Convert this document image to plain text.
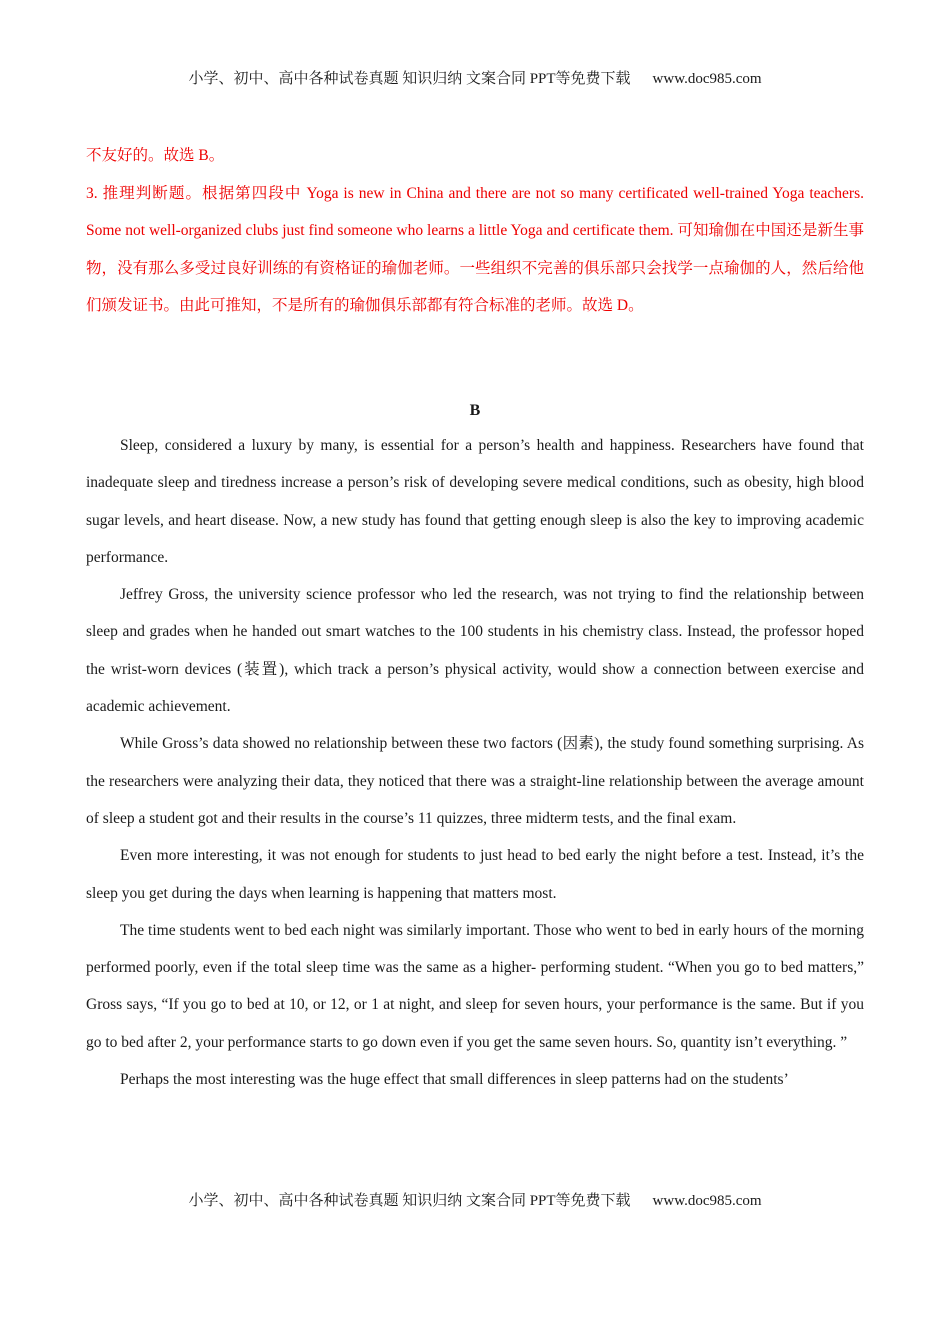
小学、初中、高中各种试卷真题 知识归纳 文案合同 PPT等免费下载 www.doc985.com

不友好的。故选 B。

3. 推理判断题。根据第四段中 Yoga is new in China and there are not so many certificated well-trained Yoga teachers. Some not well-organized clubs just find someone who learns a little Yoga and certificate them. 可知瑜伽在中国还是新生事物，没有那么多受过良好训练的有资格证的瑜伽老师。一些组织不完善的俱乐部只会找学一点瑜伽的人，然后给他们颁发证书。由此可推知，不是所有的瑜伽俱乐部都有符合标准的老师。故选 D。

B

Sleep, considered a luxury by many, is essential for a person’s health and happiness. Researchers have found that inadequate sleep and tiredness increase a person’s risk of developing severe medical conditions, such as obesity, high blood sugar levels, and heart disease. Now, a new study has found that getting enough sleep is also the key to improving academic performance.

Jeffrey Gross, the university science professor who led the research, was not trying to find the relationship between sleep and grades when he handed out smart watches to the 100 students in his chemistry class. Instead, the professor hoped the wrist-worn devices (装置), which track a person’s physical activity, would show a connection between exercise and academic achievement.

While Gross’s data showed no relationship between these two factors (因素), the study found something surprising. As the researchers were analyzing their data, they noticed that there was a straight-line relationship between the average amount of sleep a student got and their results in the course’s 11 quizzes, three midterm tests, and the final exam.

Even more interesting, it was not enough for students to just head to bed early the night before a test. Instead, it’s the sleep you get during the days when learning is happening that matters most.

The time students went to bed each night was similarly important. Those who went to bed in early hours of the morning performed poorly, even if the total sleep time was the same as a higher- performing student. “When you go to bed matters,” Gross says, “If you go to bed at 10, or 12, or 1 at night, and sleep for seven hours, your performance is the same. But if you go to bed after 2, your performance starts to go down even if you get the same seven hours. So, quantity isn’t everything. ”

Perhaps the most interesting was the huge effect that small differences in sleep patterns had on the students’

小学、初中、高中各种试卷真题 知识归纳 文案合同 PPT等免费下载 www.doc985.com
